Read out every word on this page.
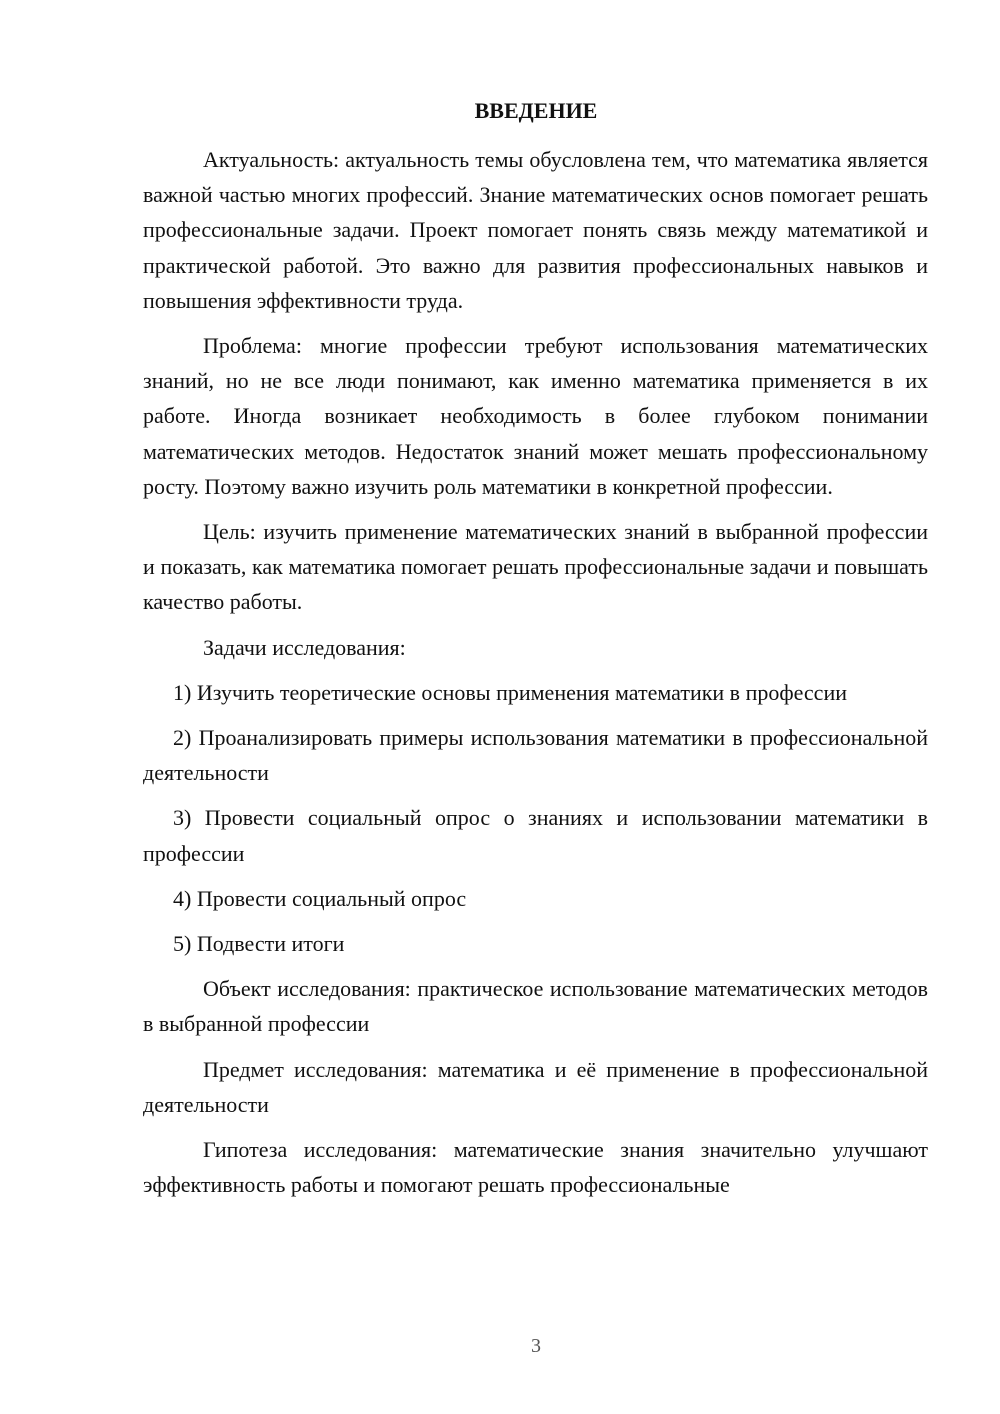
ВВЕДЕНИЕ

Актуальность: актуальность темы обусловлена тем, что математика является важной частью многих профессий. Знание математических основ помогает решать профессиональные задачи. Проект помогает понять связь между математикой и практической работой. Это важно для развития профессиональных навыков и повышения эффективности труда.

Проблема: многие профессии требуют использования математических знаний, но не все люди понимают, как именно математика применяется в их работе. Иногда возникает необходимость в более глубоком понимании математических методов. Недостаток знаний может мешать профессиональному росту. Поэтому важно изучить роль математики в конкретной профессии.

Цель: изучить применение математических знаний в выбранной профессии и показать, как математика помогает решать профессиональные задачи и повышать качество работы.

Задачи исследования:

1) Изучить теоретические основы применения математики в профессии

2) Проанализировать примеры использования математики в профессиональной деятельности

3) Провести социальный опрос о знаниях и использовании математики в профессии

4) Провести социальный опрос

5) Подвести итоги

Объект исследования: практическое использование математических методов в выбранной профессии

Предмет исследования: математика и её применение в профессиональной деятельности

Гипотеза исследования: математические знания значительно улучшают эффективность работы и помогают решать профессиональные

3
